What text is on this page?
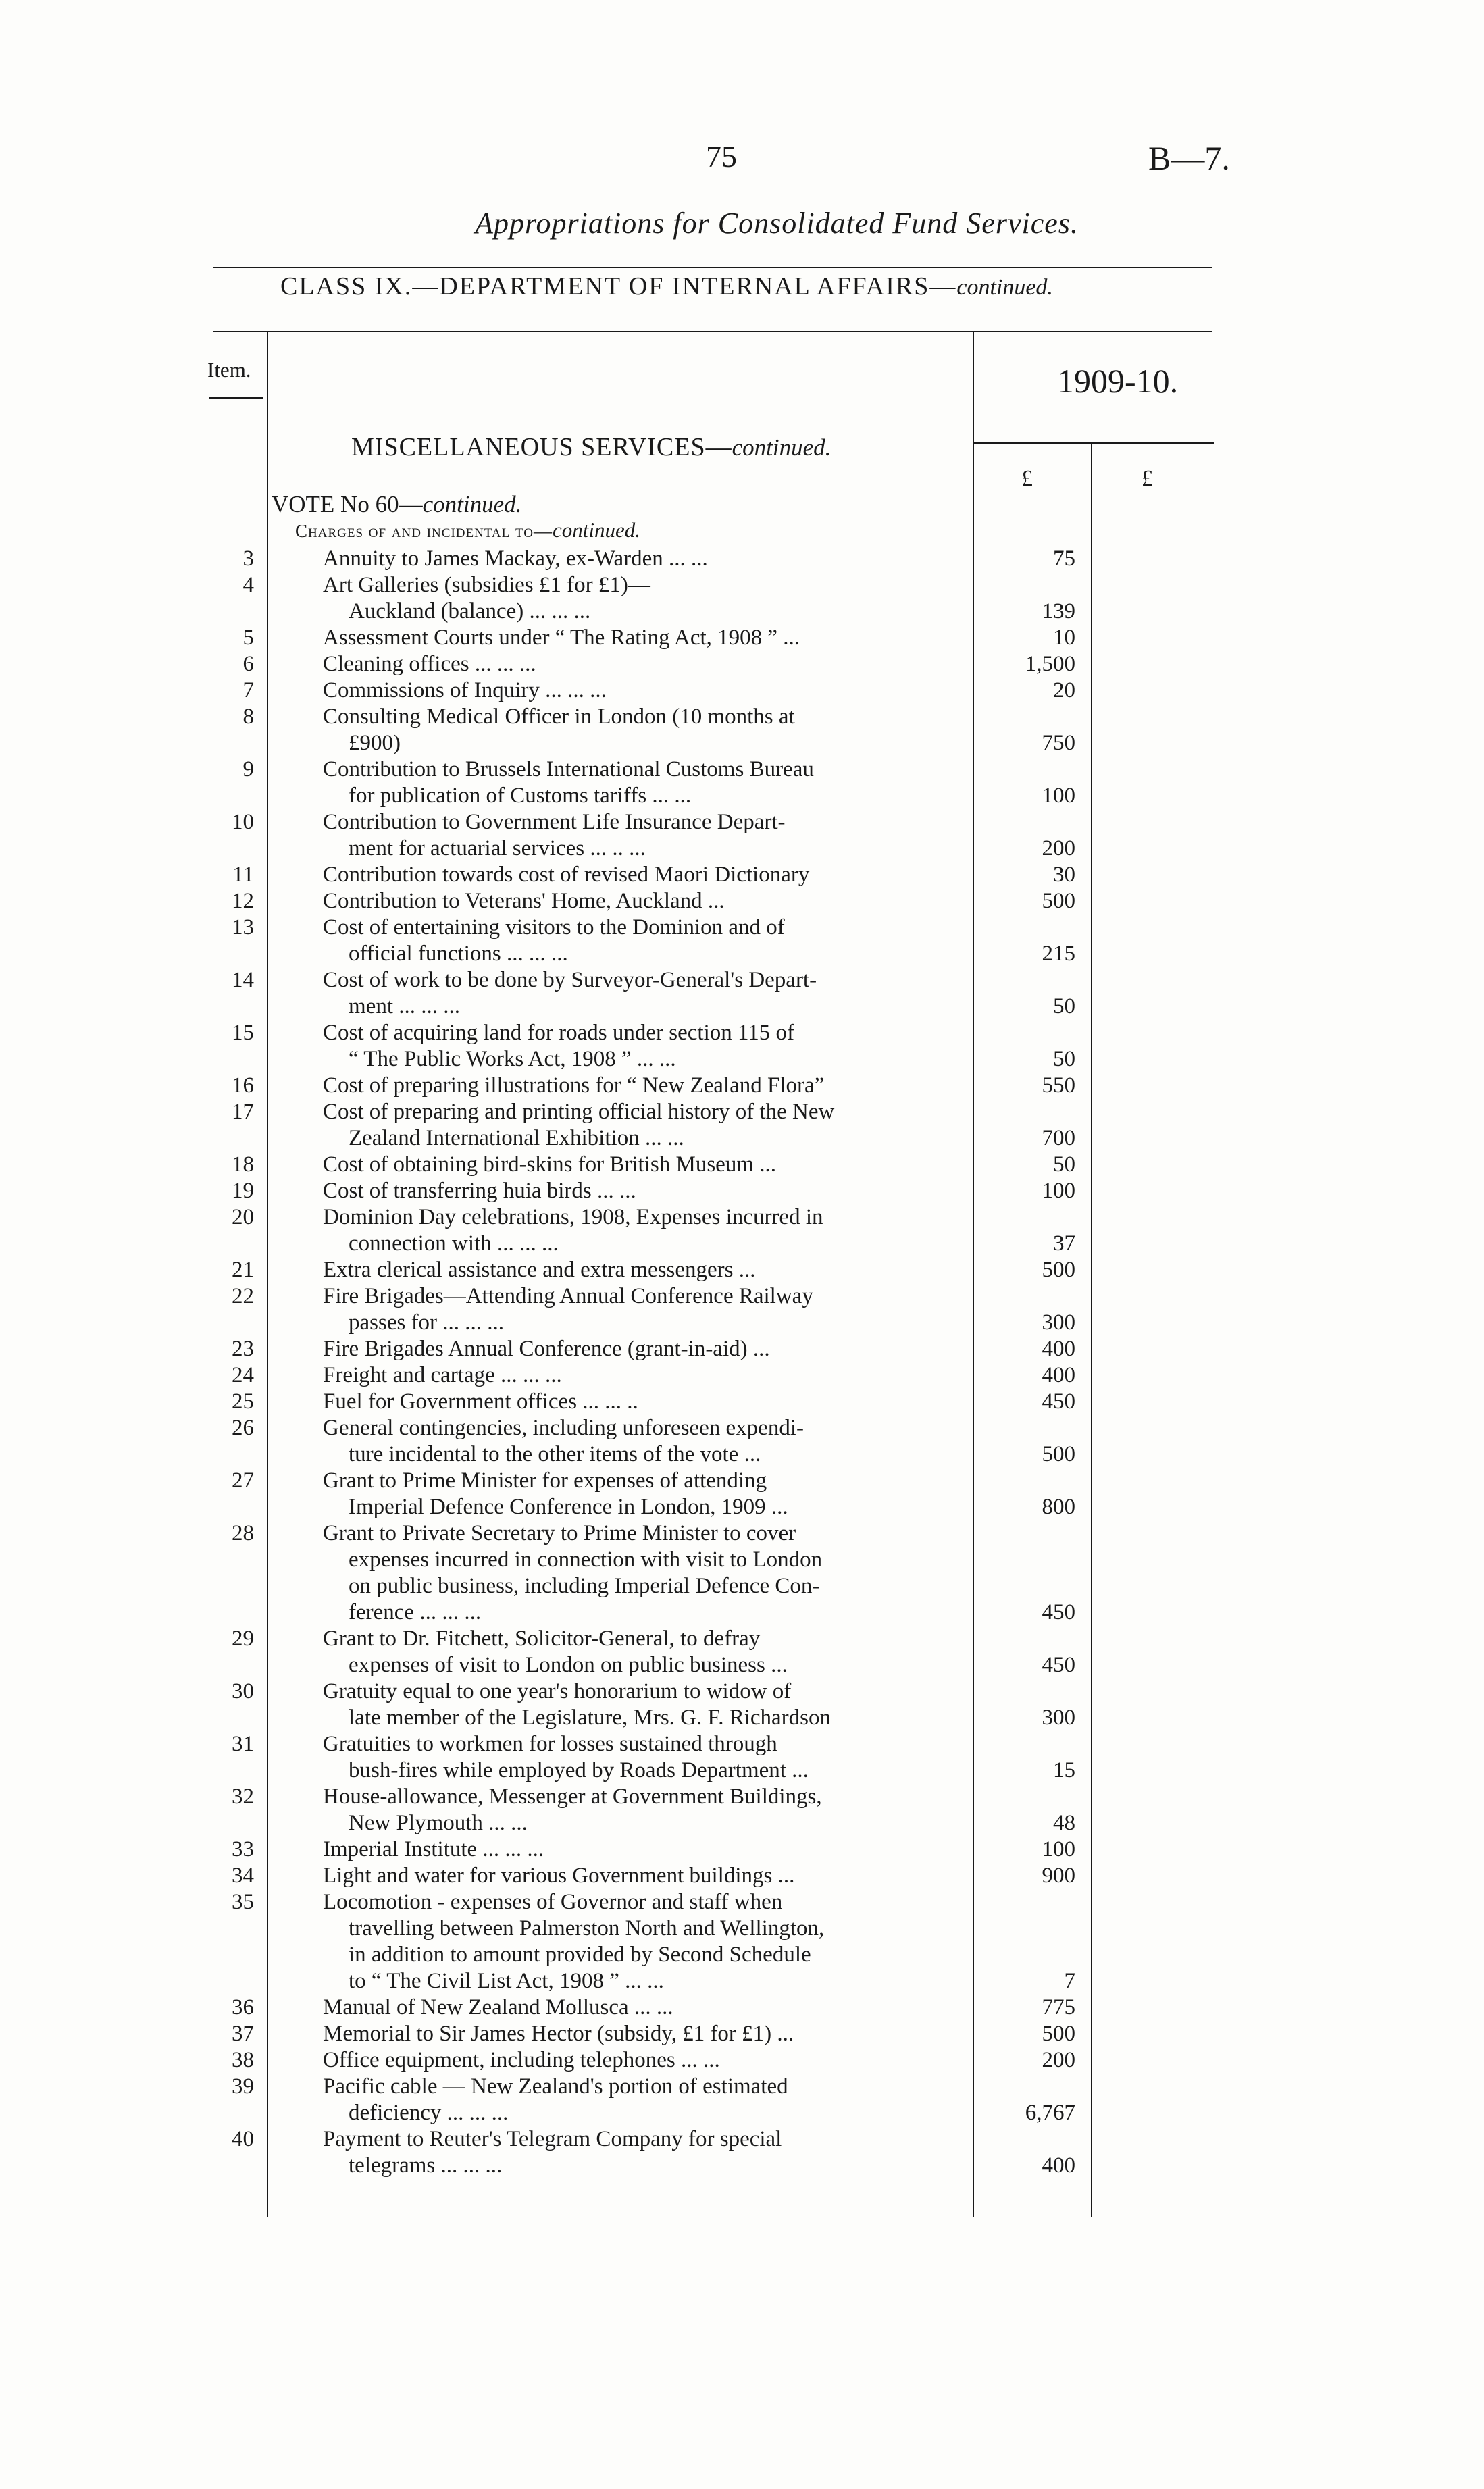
75	B—7.
Appropriations for Consolidated Fund Services.
CLASS IX.—DEPARTMENT OF INTERNAL AFFAIRS—continued.
Item.	1909-10.
MISCELLANEOUS SERVICES—continued.
£	£
VOTE No 60—continued.
Charges of and incidental to—continued.
3	Annuity to James Mackay, ex-Warden ... ...	75
4	Art Galleries (subsidies £1 for £1)—
Auckland (balance) ... ... ...	139
5	Assessment Courts under “ The Rating Act, 1908 ” ...	10
6	Cleaning offices ... ... ...	1,500
7	Commissions of Inquiry ... ... ...	20
8	Consulting Medical Officer in London (10 months at
£900)	750
9	Contribution to Brussels International Customs Bureau
for publication of Customs tariffs ... ...	100
10	Contribution to Government Life Insurance Depart-
ment for actuarial services ... .. ...	200
11	Contribution towards cost of revised Maori Dictionary	30
12	Contribution to Veterans' Home, Auckland ...	500
13	Cost of entertaining visitors to the Dominion and of
official functions ... ... ...	215
14	Cost of work to be done by Surveyor-General's Depart-
ment ... ... ...	50
15	Cost of acquiring land for roads under section 115 of
“ The Public Works Act, 1908 ” ... ...	50
16	Cost of preparing illustrations for “ New Zealand Flora”	550
17	Cost of preparing and printing official history of the New
Zealand International Exhibition ... ...	700
18	Cost of obtaining bird-skins for British Museum ...	50
19	Cost of transferring huia birds ... ...	100
20	Dominion Day celebrations, 1908, Expenses incurred in
connection with ... ... ...	37
21	Extra clerical assistance and extra messengers ...	500
22	Fire Brigades—Attending Annual Conference Railway
passes for ... ... ...	300
23	Fire Brigades Annual Conference (grant-in-aid) ...	400
24	Freight and cartage ... ... ...	400
25	Fuel for Government offices ... ... ..	450
26	General contingencies, including unforeseen expendi-
ture incidental to the other items of the vote ...	500
27	Grant to Prime Minister for expenses of attending
Imperial Defence Conference in London, 1909 ...	800
28	Grant to Private Secretary to Prime Minister to cover
expenses incurred in connection with visit to London
on public business, including Imperial Defence Con-
ference ... ... ...	450
29	Grant to Dr. Fitchett, Solicitor-General, to defray
expenses of visit to London on public business ...	450
30	Gratuity equal to one year's honorarium to widow of
late member of the Legislature, Mrs. G. F. Richardson	300
31	Gratuities to workmen for losses sustained through
bush-fires while employed by Roads Department ...	15
32	House-allowance, Messenger at Government Buildings,
New Plymouth ... ...	48
33	Imperial Institute ... ... ...	100
34	Light and water for various Government buildings ...	900
35	Locomotion - expenses of Governor and staff when
travelling between Palmerston North and Wellington,
in addition to amount provided by Second Schedule
to “ The Civil List Act, 1908 ” ... ...	7
36	Manual of New Zealand Mollusca ... ...	775
37	Memorial to Sir James Hector (subsidy, £1 for £1) ...	500
38	Office equipment, including telephones ... ...	200
39	Pacific cable — New Zealand's portion of estimated
deficiency ... ... ...	6,767
40	Payment to Reuter's Telegram Company for special
telegrams ... ... ...	400
